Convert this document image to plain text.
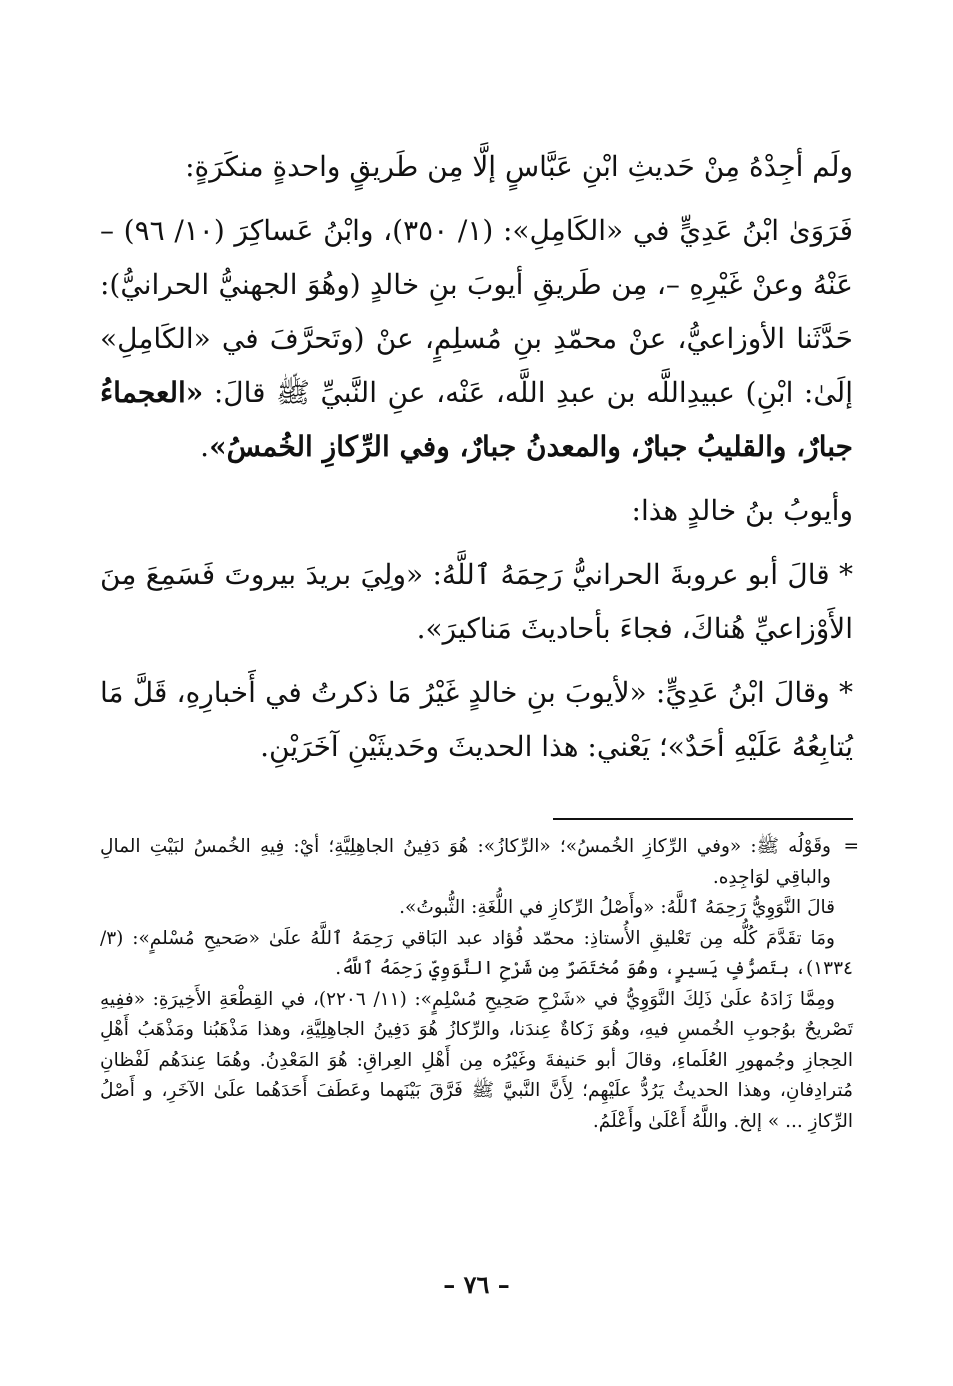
ولَم أجِدْهُ مِنْ حَديثِ ابْنِ عَبَّاسٍ إلَّا مِن طَريقٍ واحدةٍ منكَرَةٍ:

فَرَوَىٰ ابْنُ عَدِيٍّ في «الكَامِلِ»: (١/ ٣٥٠)، وابْنُ عَساكِرَ (١٠/ ٩٦) – عَنْهُ وعنْ غَيْرِهِ –، مِن طَريقِ أيوبَ بنِ خالدٍ (وهُوَ الجهنيُّ الحرانيُّ): حَدَّثَنا الأوزاعيُّ، عنْ محمّدِ بنِ مُسلِمٍ، عنْ (وتَحرَّفَ في «الكَامِلِ» إلَىٰ: ابْنِ) عبيدِاللَّه بن عبدِ اللَّه، عَنْه، عنِ النَّبيِّ ﷺ قالَ: «العجماءُ جبارٌ، والقليبُ جبارٌ، والمعدنُ جبارٌ، وفي الرِّكازِ الخُمسُ».

وأيوبُ بنُ خالدٍ هذا:

* قالَ أبو عروبةَ الحرانيُّ رَحِمَهُ ٱللَّهُ: «ولِيَ بريدَ بيروتَ فَسَمِعَ مِنَ الأَوْزاعيِّ هُناكَ، فجاءَ بأحاديثَ مَناكيرَ».

* وقالَ ابْنُ عَدِيٍّ: «لأيوبَ بنِ خالدٍ غَيْرُ مَا ذكرتُ في أَخبارِهِ، قَلَّ مَا يُتابِعُهُ عَلَيْهِ أحَدٌ»؛ يَعْني: هذا الحديثَ وحَديثَيْنِ آخَرَيْنِ.

=
وقَوْلُه ﷺ: «وفي الرِّكازِ الخُمسُ»؛ «الرِّكازُ»: هُوَ دَفِينُ الجاهِلِيَّةِ؛ أيْ: فِيهِ الخُمسُ لبَيْتِ المالِ والباقِي لوَاجِدِه.

قالَ النَّوَوِيُّ رَحِمَهُ ٱللَّهُ: «وأَصْلُ الرِّكازِ في اللُّغَةِ: الثُّبوتُ».

ومَا تقَدَّمَ كُلُّه مِن تَعْليقِ الأُستاذِ: محمّد فُؤاد عبد البَاقي رَحِمَهُ ٱللَّهُ علَىٰ «صَحيحِ مُسْلمٍ»: (٣/ ١٣٣٤)، بتَصرُّفٍ يَسيرٍ، وهُوَ مُختَصَرٌ مِن شَرْحِ النَّوَوِيِّ رَحِمَهُ ٱللَّهُ.

ومِمَّا زَادَهُ علَىٰ ذَلِكَ النَّوَوِيُّ في «شَرْحِ صَحِيحِ مُسْلِمٍ»: (١١/ ٢٢٠٦)، في القِطْعَةِ الأَخِيرَةِ: «ففِيهِ تَصْريحٌ بوُجوبِ الخُمسِ فيهِ، وهُوَ زَكاةٌ عِندَنا، والرِّكازُ هُوَ دَفِينُ الجاهِلِيَّةِ، وهذا مَذْهَبُنا ومَذْهَبُ أَهْلِ الحِجازِ وجُمهورِ العُلَماءِ، وقالَ أبو حَنيفةَ وغَيْرُه مِن أَهْلِ العِراقِ: هُوَ المَعْدِنُ. وهُمَا عِندَهُم لَفْظانِ مُترادِفانِ، وهذا الحديثُ يَرُدُّ علَيْهِم؛ لِأَنَّ النَّبيَّ ﷺ فَرَّقَ بَيْنَهما وعَطَفَ أَحَدَهُما علَىٰ الآخَرِ، و أَصْلُ الرِّكازِ ... » إلخ. واللَّهُ أَعْلَىٰ وأَعْلَمُ.

– ٧٦ –
